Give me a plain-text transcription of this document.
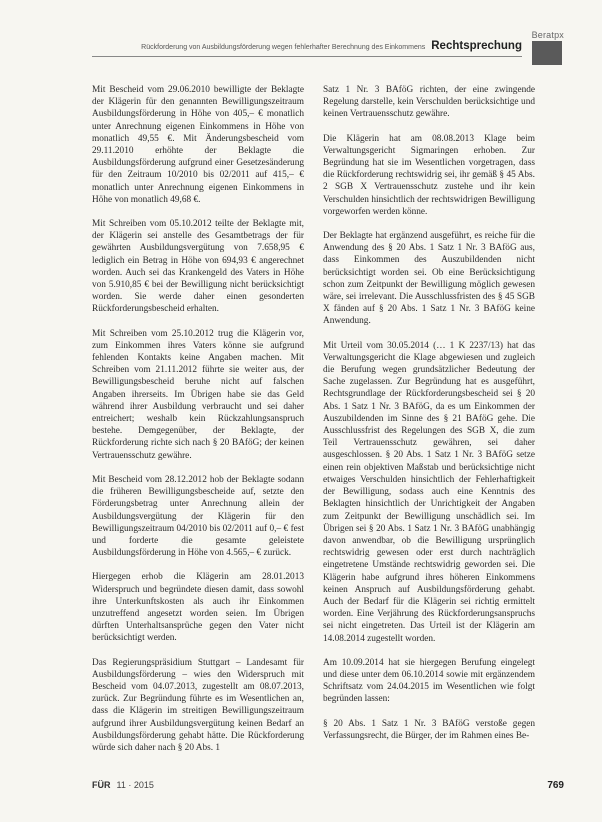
Beratpx
Rückforderung von Ausbildungsförderung wegen fehlerhafter Berechnung des Einkommens Rechtsprechung

Mit Bescheid vom 29.06.2010 bewilligte der Beklagte der Klägerin für den genannten Bewilligungszeitraum Ausbildungsförderung in Höhe von 405,– € monatlich unter Anrechnung eigenen Einkommens in Höhe von monatlich 49,55 €. Mit Änderungsbescheid vom 29.11.2010 erhöhte der Beklagte die Ausbildungsförderung aufgrund einer Gesetzesänderung für den Zeitraum 10/2010 bis 02/2011 auf 415,– € monatlich unter Anrechnung eigenen Einkommens in Höhe von monatlich 49,68 €.

Mit Schreiben vom 05.10.2012 teilte der Beklagte mit, der Klägerin sei anstelle des Gesamtbetrags der für gewährten Ausbildungsvergütung von 7.658,95 € lediglich ein Betrag in Höhe von 694,93 € angerechnet worden. Auch sei das Krankengeld des Vaters in Höhe von 5.910,85 € bei der Bewilligung nicht berücksichtigt worden. Sie werde daher einen gesonderten Rückforderungsbescheid erhalten.

Mit Schreiben vom 25.10.2012 trug die Klägerin vor, zum Einkommen ihres Vaters könne sie aufgrund fehlenden Kontakts keine Angaben machen. Mit Schreiben vom 21.11.2012 führte sie weiter aus, der Bewilligungsbescheid beruhe nicht auf falschen Angaben ihrerseits. Im Übrigen habe sie das Geld während ihrer Ausbildung verbraucht und sei daher entreichert; weshalb kein Rückzahlungsanspruch bestehe. Demgegenüber, der Beklagte, der Rückforderung richte sich nach § 20 BAföG; der keinen Vertrauensschutz gewähre.

Mit Bescheid vom 28.12.2012 hob der Beklagte sodann die früheren Bewilligungsbescheide auf, setzte den Förderungsbetrag unter Anrechnung allein der Ausbildungsvergütung der Klägerin für den Bewilligungszeitraum 04/2010 bis 02/2011 auf 0,– € fest und forderte die gesamte geleistete Ausbildungsförderung in Höhe von 4.565,– € zurück.

Hiergegen erhob die Klägerin am 28.01.2013 Widerspruch und begründete diesen damit, dass sowohl ihre Unterkunftskosten als auch ihr Einkommen unzutreffend angesetzt worden seien. Im Übrigen dürften Unterhaltsansprüche gegen den Vater nicht berücksichtigt werden.

Das Regierungspräsidium Stuttgart – Landesamt für Ausbildungsförderung – wies den Widerspruch mit Bescheid vom 04.07.2013, zugestellt am 08.07.2013, zurück. Zur Begründung führte es im Wesentlichen an, dass die Klägerin im streitigen Bewilligungszeitraum aufgrund ihrer Ausbildungsvergütung keinen Bedarf an Ausbildungsförderung gehabt hätte. Die Rückforderung würde sich daher nach § 20 Abs. 1

Satz 1 Nr. 3 BAföG richten, der eine zwingende Regelung darstelle, kein Verschulden berücksichtige und keinen Vertrauensschutz gewähre.

Die Klägerin hat am 08.08.2013 Klage beim Verwaltungsgericht Sigmaringen erhoben. Zur Begründung hat sie im Wesentlichen vorgetragen, dass die Rückforderung rechtswidrig sei, ihr gemäß § 45 Abs. 2 SGB X Vertrauensschutz zustehe und ihr kein Verschulden hinsichtlich der rechtswidrigen Bewilligung vorgeworfen werden könne.

Der Beklagte hat ergänzend ausgeführt, es reiche für die Anwendung des § 20 Abs. 1 Satz 1 Nr. 3 BAföG aus, dass Einkommen des Auszubildenden nicht berücksichtigt worden sei. Ob eine Berücksichtigung schon zum Zeitpunkt der Bewilligung möglich gewesen wäre, sei irrelevant. Die Ausschlussfristen des § 45 SGB X fänden auf § 20 Abs. 1 Satz 1 Nr. 3 BAföG keine Anwendung.

Mit Urteil vom 30.05.2014 (… 1 K 2237/13) hat das Verwaltungsgericht die Klage abgewiesen und zugleich die Berufung wegen grundsätzlicher Bedeutung der Sache zugelassen. Zur Begründung hat es ausgeführt, Rechtsgrundlage der Rückforderungsbescheid sei § 20 Abs. 1 Satz 1 Nr. 3 BAföG, da es um Einkommen der Auszubildenden im Sinne des § 21 BAföG gehe. Die Ausschlussfrist des Regelungen des SGB X, die zum Teil Vertrauensschutz gewähren, sei daher ausgeschlossen. § 20 Abs. 1 Satz 1 Nr. 3 BAföG setze einen rein objektiven Maßstab und berücksichtige nicht etwaiges Verschulden hinsichtlich der Fehlerhaftigkeit der Bewilligung, sodass auch eine Kenntnis des Beklagten hinsichtlich der Unrichtigkeit der Angaben zum Zeitpunkt der Bewilligung unschädlich sei. Im Übrigen sei § 20 Abs. 1 Satz 1 Nr. 3 BAföG unabhängig davon anwendbar, ob die Bewilligung ursprünglich rechtswidrig gewesen oder erst durch nachträglich eingetretene Umstände rechtswidrig geworden sei. Die Klägerin habe aufgrund ihres höheren Einkommens keinen Anspruch auf Ausbildungsförderung gehabt. Auch der Bedarf für die Klägerin sei richtig ermittelt worden. Eine Verjährung des Rückforderungsanspruchs sei nicht eingetreten. Das Urteil ist der Klägerin am 14.08.2014 zugestellt worden.

Am 10.09.2014 hat sie hiergegen Berufung eingelegt und diese unter dem 06.10.2014 sowie mit ergänzendem Schriftsatz vom 24.04.2015 im Wesentlichen wie folgt begründen lassen:

§ 20 Abs. 1 Satz 1 Nr. 3 BAföG verstoße gegen Verfassungsrecht, die Bürger, der im Rahmen eines Be-

FÜR 11 · 2015	769
